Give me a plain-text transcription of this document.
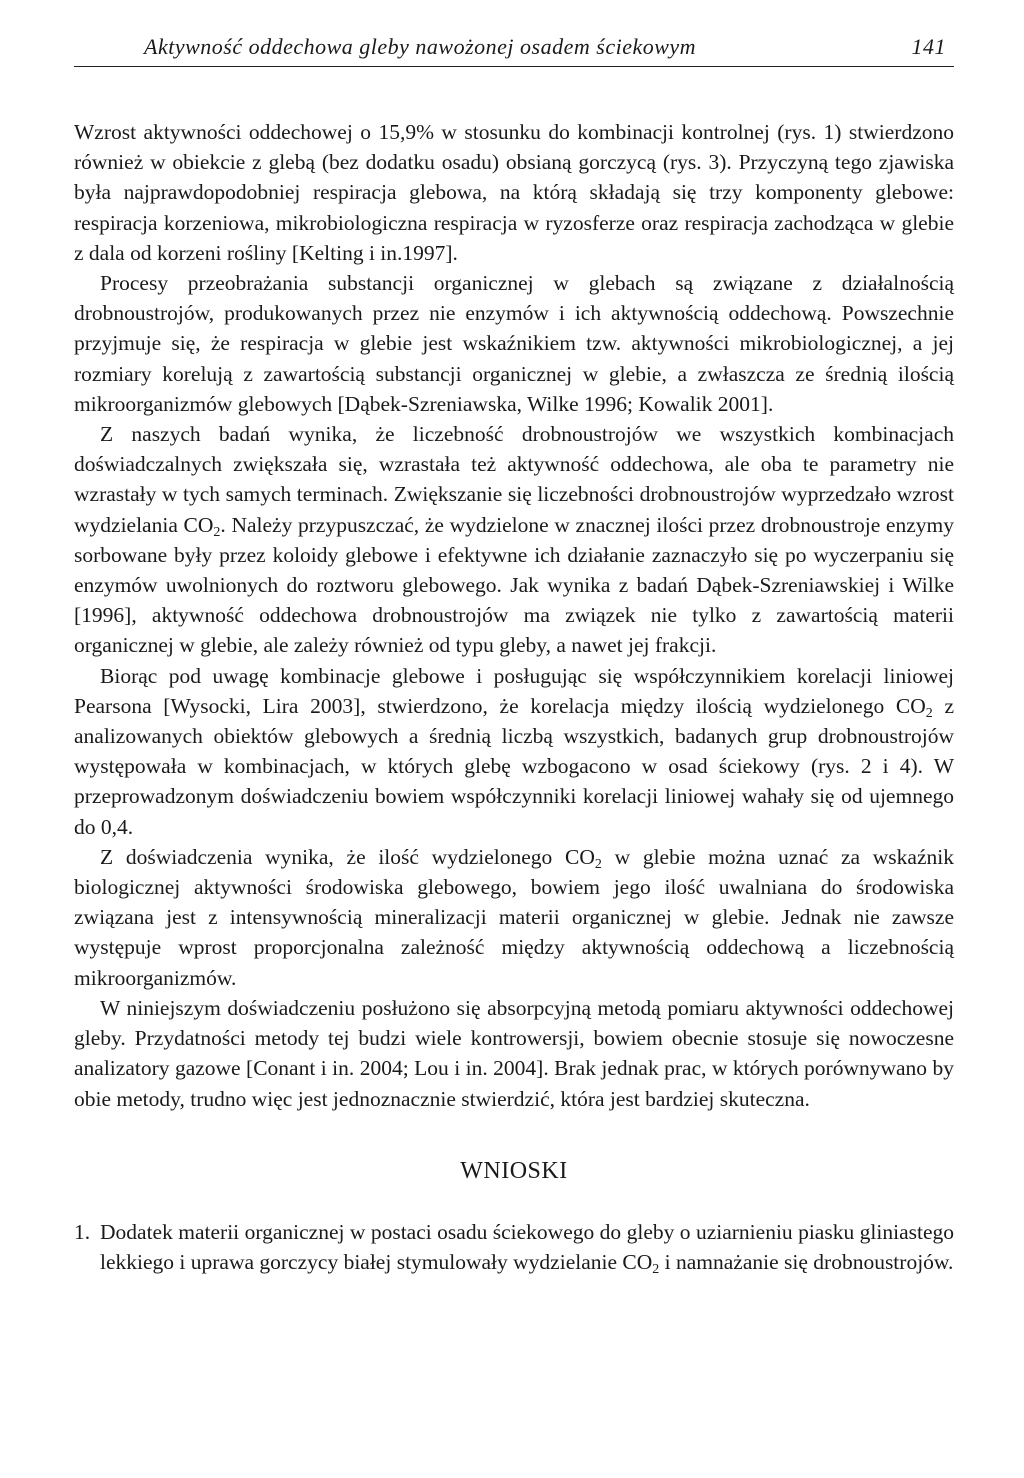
Aktywność oddechowa gleby nawożonej osadem ściekowym	141

Wzrost aktywności oddechowej o 15,9% w stosunku do kombinacji kontrolnej (rys. 1) stwierdzono również w obiekcie z glebą (bez dodatku osadu) obsianą gorczycą (rys. 3). Przyczyną tego zjawiska była najprawdopodobniej respiracja glebowa, na którą składają się trzy komponenty glebowe: respiracja korzeniowa, mikrobiologiczna respiracja w ryzosferze oraz respiracja zachodząca w glebie z dala od korzeni rośliny [Kelting i in.1997].

Procesy przeobrażania substancji organicznej w glebach są związane z działalnością drobnoustrojów, produkowanych przez nie enzymów i ich aktywnością oddechową. Powszechnie przyjmuje się, że respiracja w glebie jest wskaźnikiem tzw. aktywności mikrobiologicznej, a jej rozmiary korelują z zawartością substancji organicznej w glebie, a zwłaszcza ze średnią ilością mikroorganizmów glebowych [Dąbek-Szreniawska, Wilke 1996; Kowalik 2001].

Z naszych badań wynika, że liczebność drobnoustrojów we wszystkich kombinacjach doświadczalnych zwiększała się, wzrastała też aktywność oddechowa, ale oba te parametry nie wzrastały w tych samych terminach. Zwiększanie się liczebności drobnoustrojów wyprzedzało wzrost wydzielania $CO_2$. Należy przypuszczać, że wydzielone w znacznej ilości przez drobnoustroje enzymy sorbowane były przez koloidy glebowe i efektywne ich działanie zaznaczyło się po wyczerpaniu się enzymów uwolnionych do roztworu glebowego. Jak wynika z badań Dąbek-Szreniawskiej i Wilke [1996], aktywność oddechowa drobnoustrojów ma związek nie tylko z zawartością materii organicznej w glebie, ale zależy również od typu gleby, a nawet jej frakcji.

Biorąc pod uwagę kombinacje glebowe i posługując się współczynnikiem korelacji liniowej Pearsona [Wysocki, Lira 2003], stwierdzono, że korelacja między ilością wydzielonego $CO_2$ z analizowanych obiektów glebowych a średnią liczbą wszystkich, badanych grup drobnoustrojów występowała w kombinacjach, w których glebę wzbogacono w osad ściekowy (rys. 2 i 4). W przeprowadzonym doświadczeniu bowiem współczynniki korelacji liniowej wahały się od ujemnego do 0,4.

Z doświadczenia wynika, że ilość wydzielonego $CO_2$ w glebie można uznać za wskaźnik biologicznej aktywności środowiska glebowego, bowiem jego ilość uwalniana do środowiska związana jest z intensywnością mineralizacji materii organicznej w glebie. Jednak nie zawsze występuje wprost proporcjonalna zależność między aktywnością oddechową a liczebnością mikroorganizmów.

W niniejszym doświadczeniu posłużono się absorpcyjną metodą pomiaru aktywności oddechowej gleby. Przydatności metody tej budzi wiele kontrowersji, bowiem obecnie stosuje się nowoczesne analizatory gazowe [Conant i in. 2004; Lou i in. 2004]. Brak jednak prac, w których porównywano by obie metody, trudno więc jest jednoznacznie stwierdzić, która jest bardziej skuteczna.

WNIOSKI
1. Dodatek materii organicznej w postaci osadu ściekowego do gleby o uziarnieniu piasku gliniastego lekkiego i uprawa gorczycy białej stymulowały wydzielanie $CO_2$ i namnażanie się drobnoustrojów.
